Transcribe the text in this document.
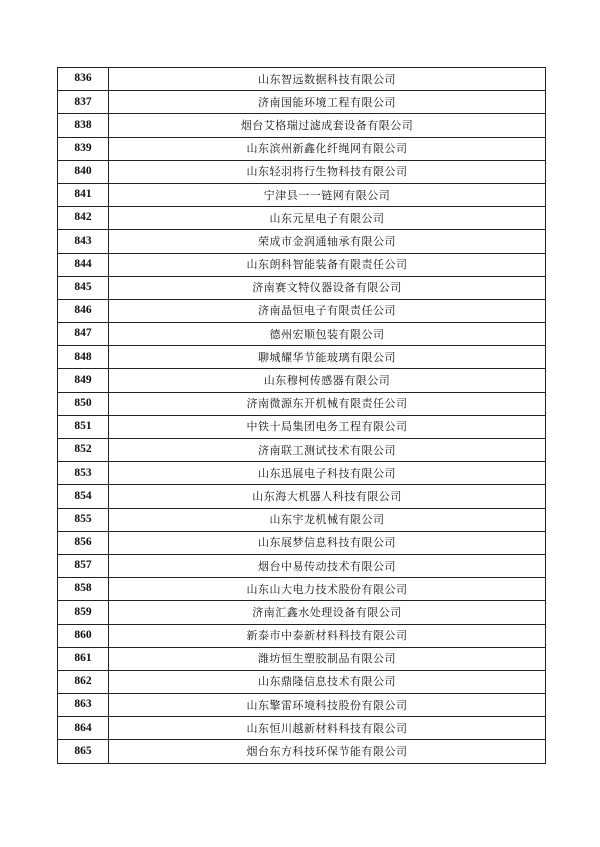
836	山东智远数据科技有限公司
837	济南国能环境工程有限公司
838	烟台艾格瑞过滤成套设备有限公司
839	山东滨州新鑫化纤绳网有限公司
840	山东轻羽将行生物科技有限公司
841	宁津县一一链网有限公司
842	山东元星电子有限公司
843	荣成市金润通轴承有限公司
844	山东朗科智能装备有限责任公司
845	济南赛文特仪器设备有限公司
846	济南晶恒电子有限责任公司
847	德州宏顺包装有限公司
848	聊城耀华节能玻璃有限公司
849	山东穆柯传感器有限公司
850	济南微源东开机械有限责任公司
851	中铁十局集团电务工程有限公司
852	济南联工测试技术有限公司
853	山东迅展电子科技有限公司
854	山东海大机器人科技有限公司
855	山东宇龙机械有限公司
856	山东展梦信息科技有限公司
857	烟台中易传动技术有限公司
858	山东山大电力技术股份有限公司
859	济南汇鑫水处理设备有限公司
860	新泰市中泰新材料科技有限公司
861	潍坊恒生塑胶制品有限公司
862	山东鼎隆信息技术有限公司
863	山东擎雷环境科技股份有限公司
864	山东恒川越新材料科技有限公司
865	烟台东方科技环保节能有限公司
